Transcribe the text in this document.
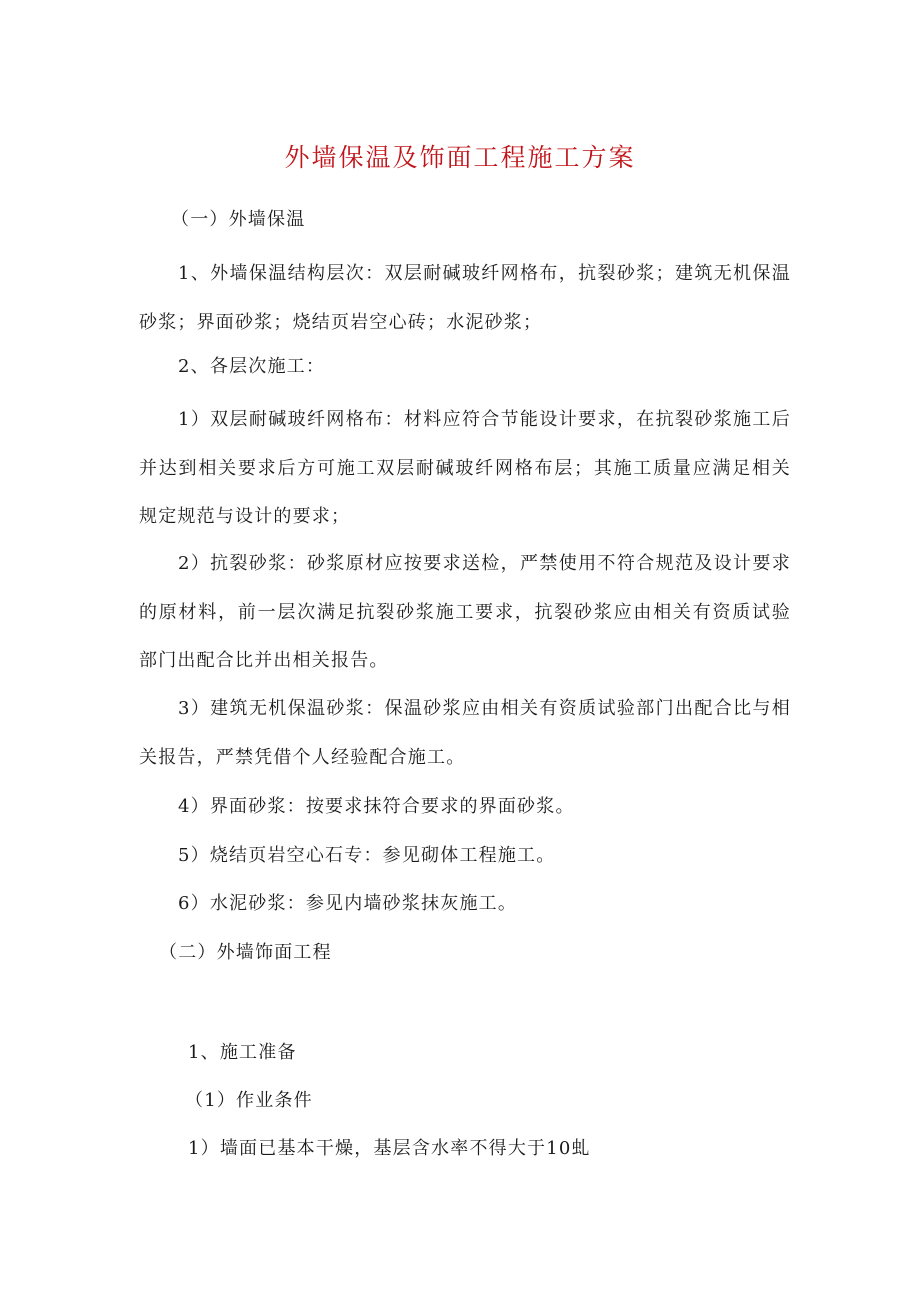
外墙保温及饰面工程施工方案
（一）外墙保温
1、外墙保温结构层次：双层耐碱玻纤网格布，抗裂砂浆；建筑无机保温砂浆；界面砂浆；烧结页岩空心砖；水泥砂浆；
2、各层次施工：
1）双层耐碱玻纤网格布：材料应符合节能设计要求，在抗裂砂浆施工后并达到相关要求后方可施工双层耐碱玻纤网格布层；其施工质量应满足相关规定规范与设计的要求；
2）抗裂砂浆：砂浆原材应按要求送检，严禁使用不符合规范及设计要求的原材料，前一层次满足抗裂砂浆施工要求，抗裂砂浆应由相关有资质试验部门出配合比并出相关报告。
3）建筑无机保温砂浆：保温砂浆应由相关有资质试验部门出配合比与相关报告，严禁凭借个人经验配合施工。
4）界面砂浆：按要求抹符合要求的界面砂浆。
5）烧结页岩空心石专：参见砌体工程施工。
6）水泥砂浆：参见内墙砂浆抹灰施工。
（二）外墙饰面工程
1、施工准备
（1）作业条件
1）墙面已基本干燥，基层含水率不得大于10虬
